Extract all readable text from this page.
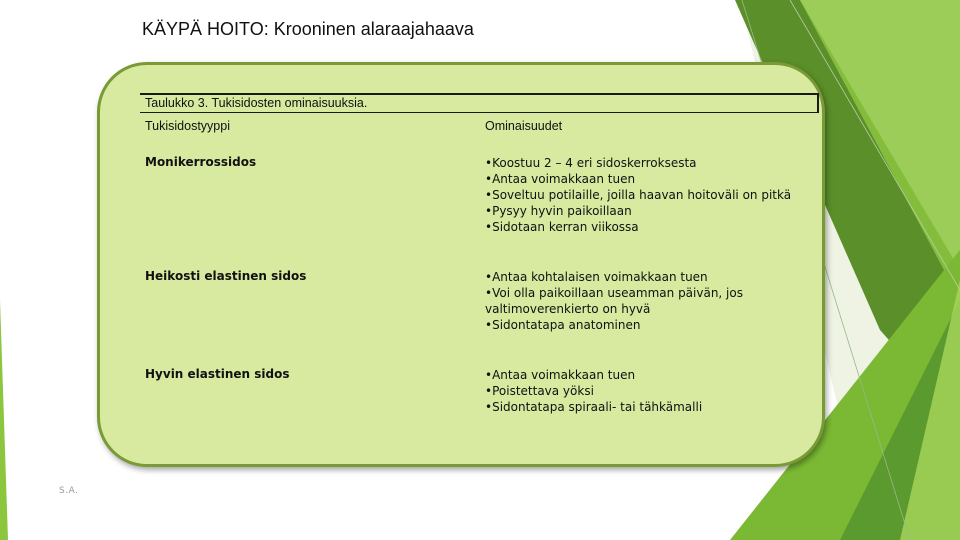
KÄYPÄ HOITO: Krooninen alaraajahaava
Taulukko 3. Tukisidosten ominaisuuksia.
Tukisidostyyppi	Ominaisuudet
Monikerrossidos	•Koostuu 2 – 4 eri sidoskerroksesta
•Antaa voimakkaan tuen
•Soveltuu potilaille, joilla haavan hoitoväli on pitkä
•Pysyy hyvin paikoillaan
•Sidotaan kerran viikossa
Heikosti elastinen sidos	•Antaa kohtalaisen voimakkaan tuen
•Voi olla paikoillaan useamman päivän, jos
valtimoverenkierto on hyvä
•Sidontatapa anatominen
Hyvin elastinen sidos	•Antaa voimakkaan tuen
•Poistettava yöksi
•Sidontatapa spiraali- tai tähkämalli
S.A.
